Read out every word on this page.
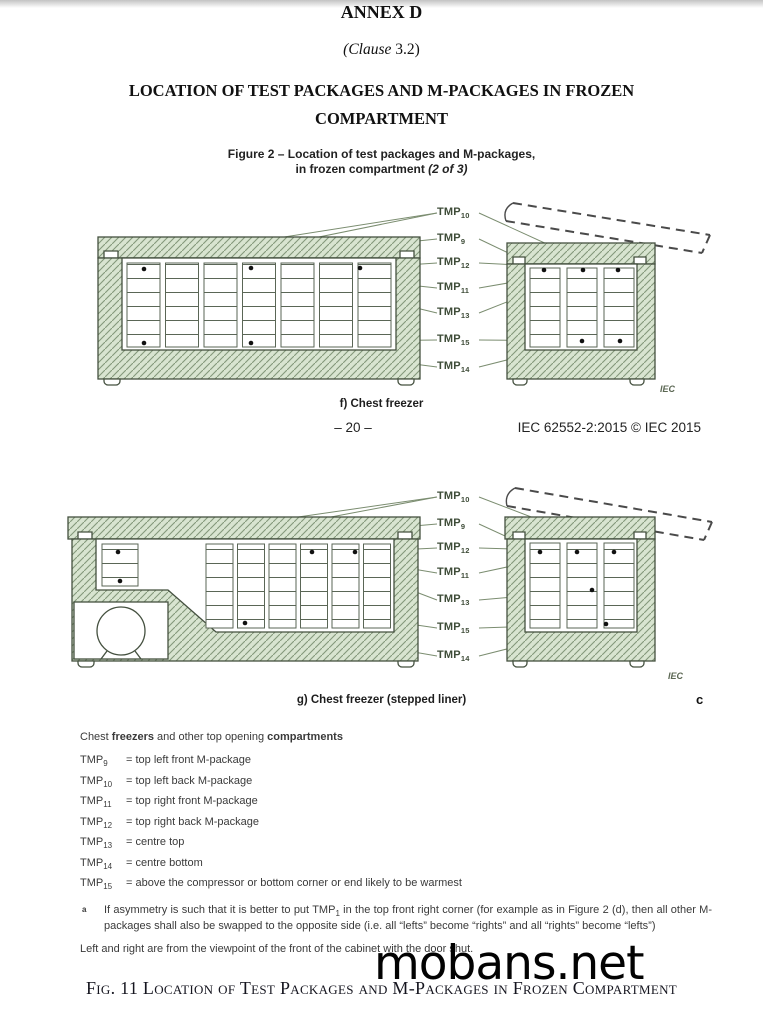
ANNEX D
(Clause 3.2)
LOCATION OF TEST PACKAGES AND M-PACKAGES IN FROZEN
COMPARTMENT
Figure 2 – Location of test packages and M-packages,
in frozen compartment (2 of 3)
$TMP_{10}$
$TMP_9$
$TMP_{12}$
$TMP_{11}$
$TMP_{13}$
$TMP_{15}$
$TMP_{14}$
IEC
f) Chest freezer
– 20 –	IEC 62552-2:2015 © IEC 2015
$TMP_{10}$
$TMP_9$
$TMP_{12}$
$TMP_{11}$
$TMP_{13}$
$TMP_{15}$
$TMP_{14}$
IEC
g) Chest freezer (stepped liner)	c
Chest freezers and other top opening compartments
$TMP_9$	= top left front M-package
$TMP_{10}$	= top left back M-package
$TMP_{11}$	= top right front M-package
$TMP_{12}$	= top right back M-package
$TMP_{13}$	= centre top
$TMP_{14}$	= centre bottom
$TMP_{15}$	= above the compressor or bottom corner or end likely to be warmest
a If asymmetry is such that it is better to put $TMP_1$ in the top front right corner (for example as in Figure 2 (d), then all other M-packages shall also be swapped to the opposite side (i.e. all “lefts” become “rights” and all “rights” become “lefts”)
Left and right are from the viewpoint of the front of the cabinet with the door shut.
mobans.net
Fig. 11 Location of Test Packages and M-Packages in Frozen Compartment
